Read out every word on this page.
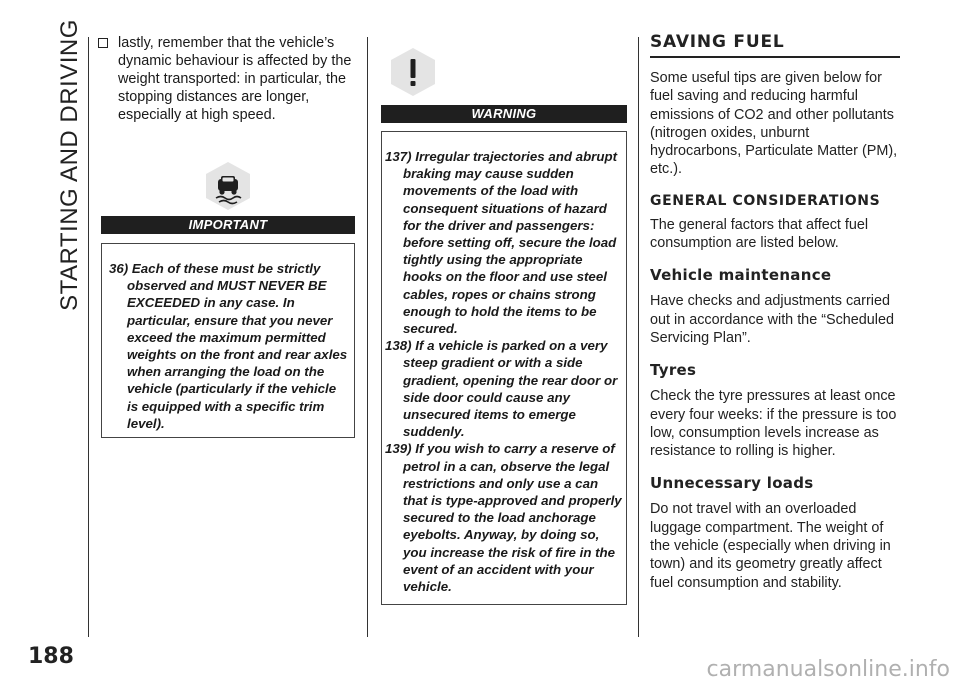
STARTING AND DRIVING
188
lastly, remember that the vehicle’s dynamic behaviour is affected by the weight transported: in particular, the stopping distances are longer, especially at high speed.
IMPORTANT

36) Each of these must be strictly observed and MUST NEVER BE EXCEEDED in any case. In particular, ensure that you never exceed the maximum permitted weights on the front and rear axles when arranging the load on the vehicle (particularly if the vehicle is equipped with a specific trim level).

WARNING

137) Irregular trajectories and abrupt braking may cause sudden movements of the load with consequent situations of hazard for the driver and passengers: before setting off, secure the load tightly using the appropriate hooks on the floor and use steel cables, ropes or chains strong enough to hold the items to be secured.

138) If a vehicle is parked on a very steep gradient or with a side gradient, opening the rear door or side door could cause any unsecured items to emerge suddenly.

139) If you wish to carry a reserve of petrol in a can, observe the legal restrictions and only use a can that is type-approved and properly secured to the load anchorage eyebolts. Anyway, by doing so, you increase the risk of fire in the event of an accident with your vehicle.

SAVING FUEL
Some useful tips are given below for fuel saving and reducing harmful emissions of CO2 and other pollutants (nitrogen oxides, unburnt hydrocarbons, Particulate Matter (PM), etc.).
GENERAL CONSIDERATIONS
The general factors that affect fuel consumption are listed below.
Vehicle maintenance
Have checks and adjustments carried out in accordance with the “Scheduled Servicing Plan”.
Tyres
Check the tyre pressures at least once every four weeks: if the pressure is too low, consumption levels increase as resistance to rolling is higher.
Unnecessary loads
Do not travel with an overloaded luggage compartment. The weight of the vehicle (especially when driving in town) and its geometry greatly affect fuel consumption and stability.
carmanualsonline.info
